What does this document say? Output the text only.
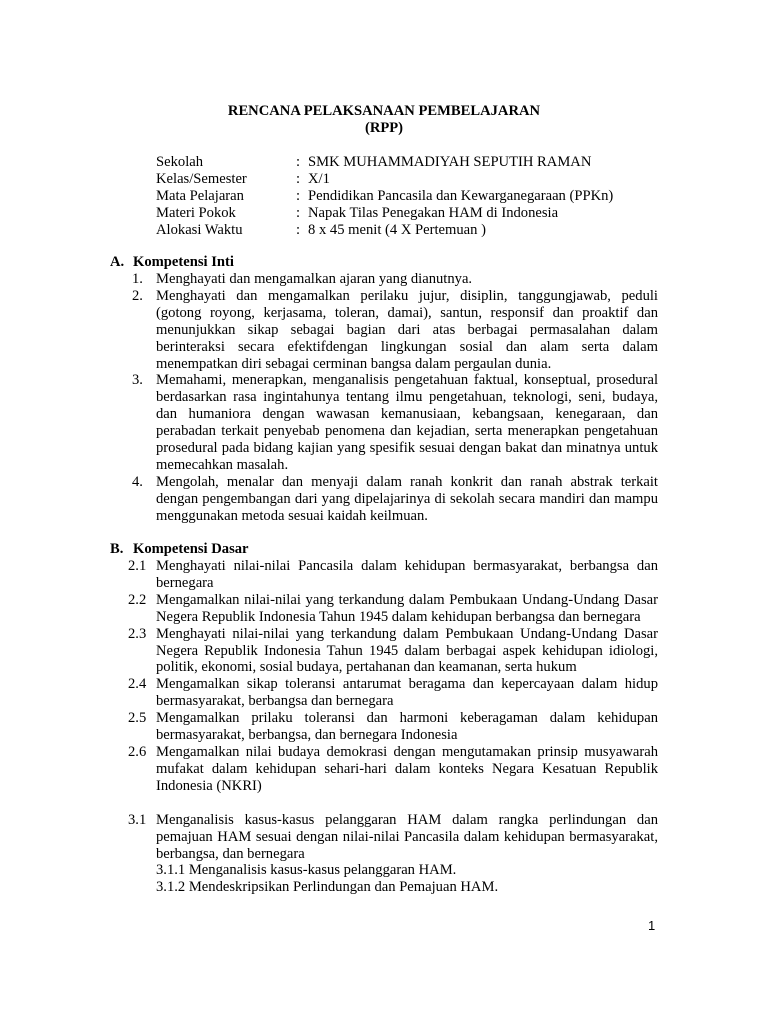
RENCANA PELAKSANAAN PEMBELAJARAN
(RPP)
Sekolah	: SMK MUHAMMADIYAH SEPUTIH RAMAN
Kelas/Semester	: X/1
Mata Pelajaran	: Pendidikan Pancasila dan Kewarganegaraan (PPKn)
Materi Pokok	: Napak Tilas Penegakan HAM di Indonesia
Alokasi Waktu	: 8 x 45 menit (4 X Pertemuan )
A. Kompetensi Inti
1. Menghayati dan mengamalkan ajaran yang dianutnya.
2. Menghayati dan mengamalkan perilaku jujur, disiplin, tanggungjawab, peduli (gotong royong, kerjasama, toleran, damai), santun, responsif dan proaktif dan menunjukkan sikap sebagai bagian dari atas berbagai permasalahan dalam berinteraksi secara efektifdengan lingkungan sosial dan alam serta dalam menempatkan diri sebagai cerminan bangsa dalam pergaulan dunia.
3. Memahami, menerapkan, menganalisis pengetahuan faktual, konseptual, prosedural berdasarkan rasa ingintahunya tentang ilmu pengetahuan, teknologi, seni, budaya, dan humaniora dengan wawasan kemanusiaan, kebangsaan, kenegaraan, dan perabadan terkait penyebab penomena dan kejadian, serta menerapkan pengetahuan prosedural pada bidang kajian yang spesifik sesuai dengan bakat dan minatnya untuk memecahkan masalah.
4. Mengolah, menalar dan menyaji dalam ranah konkrit dan ranah abstrak terkait dengan pengembangan dari yang dipelajarinya di sekolah secara mandiri dan mampu menggunakan metoda sesuai kaidah keilmuan.
B. Kompetensi Dasar
2.1 Menghayati nilai-nilai Pancasila dalam kehidupan bermasyarakat, berbangsa dan bernegara
2.2 Mengamalkan nilai-nilai yang terkandung dalam Pembukaan Undang-Undang Dasar Negera Republik Indonesia Tahun 1945 dalam kehidupan berbangsa dan bernegara
2.3 Menghayati nilai-nilai yang terkandung dalam Pembukaan Undang-Undang Dasar Negera Republik Indonesia Tahun 1945 dalam berbagai aspek kehidupan idiologi, politik, ekonomi, sosial budaya, pertahanan dan keamanan, serta hukum
2.4 Mengamalkan sikap toleransi antarumat beragama dan kepercayaan dalam hidup bermasyarakat, berbangsa dan bernegara
2.5 Mengamalkan prilaku toleransi dan harmoni keberagaman dalam kehidupan bermasyarakat, berbangsa, dan bernegara Indonesia
2.6 Mengamalkan nilai budaya demokrasi dengan mengutamakan prinsip musyawarah mufakat dalam kehidupan sehari-hari dalam konteks Negara Kesatuan Republik Indonesia (NKRI)
3.1 Menganalisis kasus-kasus pelanggaran HAM dalam rangka perlindungan dan pemajuan HAM sesuai dengan nilai-nilai Pancasila dalam kehidupan bermasyarakat, berbangsa, dan bernegara
3.1.1 Menganalisis kasus-kasus pelanggaran HAM.
3.1.2 Mendeskripsikan Perlindungan dan Pemajuan HAM.
1
